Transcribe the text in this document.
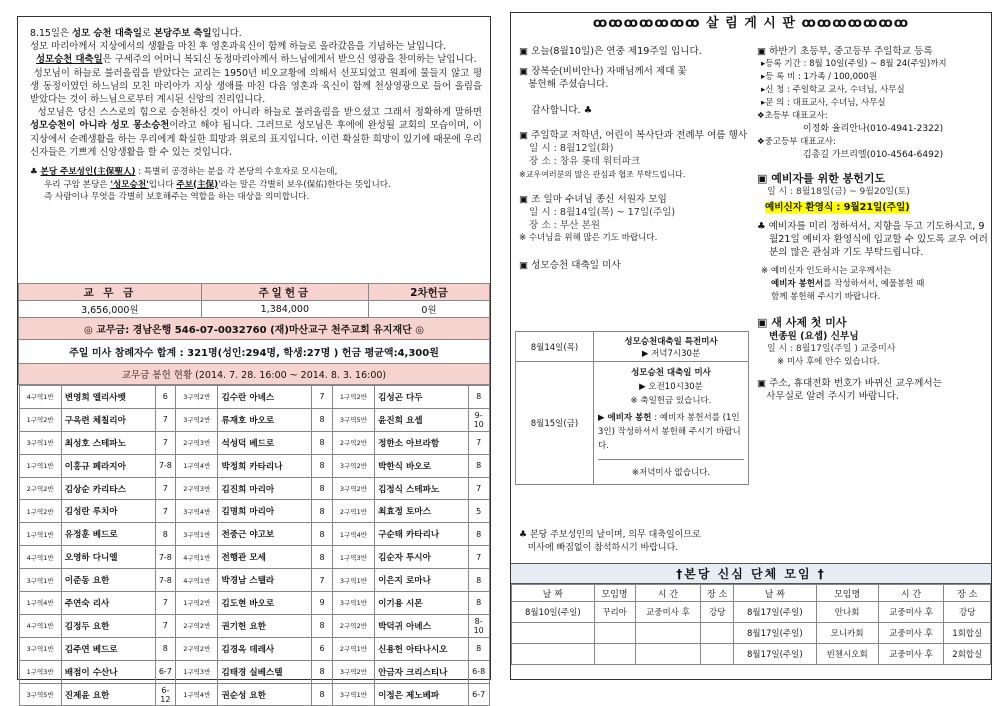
8.15일은 성모 승천 대축일로 본당주보 축일입니다.

성모 마리아께서 지상에서의 생활을 마친 후 영혼과육신이 함께 하늘로 올라갔음을 기념하는 날입니다.

성모승천 대축일은 구세주의 어머니 복되신 동정마리아께서 하느님에게서 받으신 영광을 찬미하는 날입니다.

성모님이 하늘로 불러올림을 받았다는 교리는 1950년 비오교황에 의해서 선포되었고 원죄에 물들지 않고 평생 동정이였던 하느님의 모친 마리아가 지상 생애를 마친 다음 영혼과 육신이 함께 천상영광으로 들어 올림을 받았다는 것이 하느님으로부터 계시된 신앙의 진리입니다.

성모님은 당신 스스로의 힘으로 승천하신 것이 아니라 하늘로 불러올림을 받으셨고 그래서 정확하게 말하면 성모승천이 아니라 성모 몽소승천이라고 해야 됩니다. 그러므로 성모님은 후에에 완성될 교회의 모습이며, 이 지상에서 순례생활을 하는 우리에게 확실한 희망과 위로의 표지입니다. 이런 확실한 희망이 있기에 때문에 우리 신자들은 기쁘게 신앙생활을 할 수 있는 것입니다.

♣ 본당 주보성인(主保聖人) : 특별히 공경하는 분을 각 본당의 수호자로 모시는데,

우리 구암 본당은 '성모승천'입니다 주보(主保)'라는 말은 각별히 보우(保佑)한다는 뜻입니다.

즉 사람이나 무엇을 각별히 보호해주는 역할을 하는 대상을 의미합니다.

교 무 금	주일헌금	2차헌금
3,656,000원	1,384,000	0원
◎ 교무금: 경남은행 546-07-0032760 (재)마산교구 천주교회 유지재단 ◎
주일 미사 참례자수 합계 : 321명(성인:294명, 학생:27명 ) 헌금 평균액:4,300원
교무금 봉헌 현황 (2014. 7. 28. 16:00 ~ 2014. 8. 3. 16:00)

4구역1반	변영희 엘리사벳	6	3구역2반	김수란 아녜스	7	1구역2반	김성곤 다두	8
1구역2반	구옥련 체칠리아	7	3구역2반	류재호 바오로	8	3구역5반	윤진희 요셉	9-10
3구역1반	최성호 스테파노	7	2구역3반	석성덕 베드로	8	2구역2반	정한소 아브라함	7
1구역1반	이홍규 페라지아	7-8	1구역4반	박정희 카타리나	8	3구역2반	박한식 바오로	8
2구역2반	김상순 카리타스	7	2구역3반	김진희 마리아	8	3구역2반	김정식 스테파노	7
1구역2반	김성란 루치아	7	3구역4반	김명희 마리아	8	2구역1반	최효정 토마스	5
1구역1반	유정훈 베드로	8	3구역1반	전중근 야고보	8	1구역4반	구순태 카타리나	8
4구역1반	오영하 다니엘	7-8	4구역1반	전행관 모세	8	1구역3반	김순자 투시아	7
3구역1반	이준동 요한	7-8	4구역1반	박경남 스텔라	7	3구역1반	이은지 로마나	8
1구역4반	주연숙 리사	7	1구역2반	김도현 바오로	9	3구역1반	이기용 시몬	8
4구역1반	김정두 요한	7	2구역2반	권기헌 요한	8	2구역2반	박덕귀 아녜스	8-10
3구역1반	김주연 베드로	8	2구역2반	김경옥 데레사	6	2구역1반	신용헌 아타나시오	8
1구역3반	배점이 수산나	6-7	1구역3반	김태경 실베스텔	8	3구역2반	안금자 크리스티나	6-8
3구역5반	진제윤 요한	6-12	1구역4반	권순성 요한	8	3구역1반	이정은 제노베파	6-7
ꝏꝏꝏꝏꝏꝏꝏ 살 림 게 시 판 ꝏꝏꝏꝏꝏꝏꝏ
▣ 오늘(8월10일)은 연중 제19주일 입니다.
▣ 장복순(비비안나) 자매님께서 제대 꽃
봉헌해 주셨습니다.

감사합니다. ♣
▣ 주일학교 저학년, 어린이 복사단과 전례부 여름 행사
일 시 : 8월12일(화)
장 소 : 창유 롯데 워터파크
※교우여러분의 많은 관심과 협조 부탁드립니다.
▣ 조 일마 수녀님 종신 서원자 모임
일 시 : 8월14일(목) ~ 17일(주일)
장 소 : 부산 본원
※ 수녀님을 위해 많은 기도 바랍니다.
▣ 성모승천 대축일 미사
8월14일(목)	성모승천대축일 특전미사
▶ 저녁7시30분
8월15일(금)	성모승천 대축일 미사
▶ 오전10시30분
※ 축일헌금 있습니다.

▶ 에비자 봉헌 : 예비자 봉헌서를 (1인 3인) 작성하셔서 봉헌해 주시기 바랍니다.
※저녁미사 없습니다.
♣ 본당 주보성인의 날이며, 의무 대축일이므로
미사에 빠짐없이 참석하시기 바랍니다.
▣ 하반기 초등부, 중고등부 주일학교 등록
▸등록 기간 : 8월 10일(주일) ~ 8월 24(주일)까지
▸등 록 비 : 1가족 / 100,000원
▸신 청 : 주일학교 교사, 수녀님, 사무실
▸문 의 : 대표교사, 수녀님, 사무실
❖초등부 대표교사:
이정화 율리안나(010-4941-2322)
❖중고등부 대표교사:
김총길 가브리엘(010-4564-6492)
▣ 예비자를 위한 봉헌기도
일 시 : 8월18일(금) ~ 9월20일(토)
예비신자 환영식 : 9월21일(주일)
♣ 예비자를 미리 정하셔서, 지향을 두고 기도하시고, 9월21일 예비자 환영식에 입교할 수 있도록 교우 여러분의 많은 관심과 기도 부탁드립니다.
※ 예비신자 인도하시는 교우께서는
예비자 봉헌서를 작성하셔서, 예물봉헌 때
함께 봉헌해 주시기 바랍니다.
▣ 새 사제 첫 미사
변종원 (요셉) 신부님
일 시 : 8월17일(주일 ) 교중미사
※ 미사 후에 안수 있습니다.
▣ 주소, 휴대전화 번호가 바뀌신 교우께서는
사무실로 알려 주시기 바랍니다.
†본당 신심 단체 모임 †
날 짜	모임명	시 간	장 소	날 짜	모임명	시 간	장 소
8월10일(주일)	꾸리아	교중미사 후	강당	8월17일(주일)	안나회	교중미사 후	강당
				8월17일(주일)	모니카회	교중미사 후	1회합실
				8월17일(주일)	빈첸시오회	교중미사 후	2회합실
